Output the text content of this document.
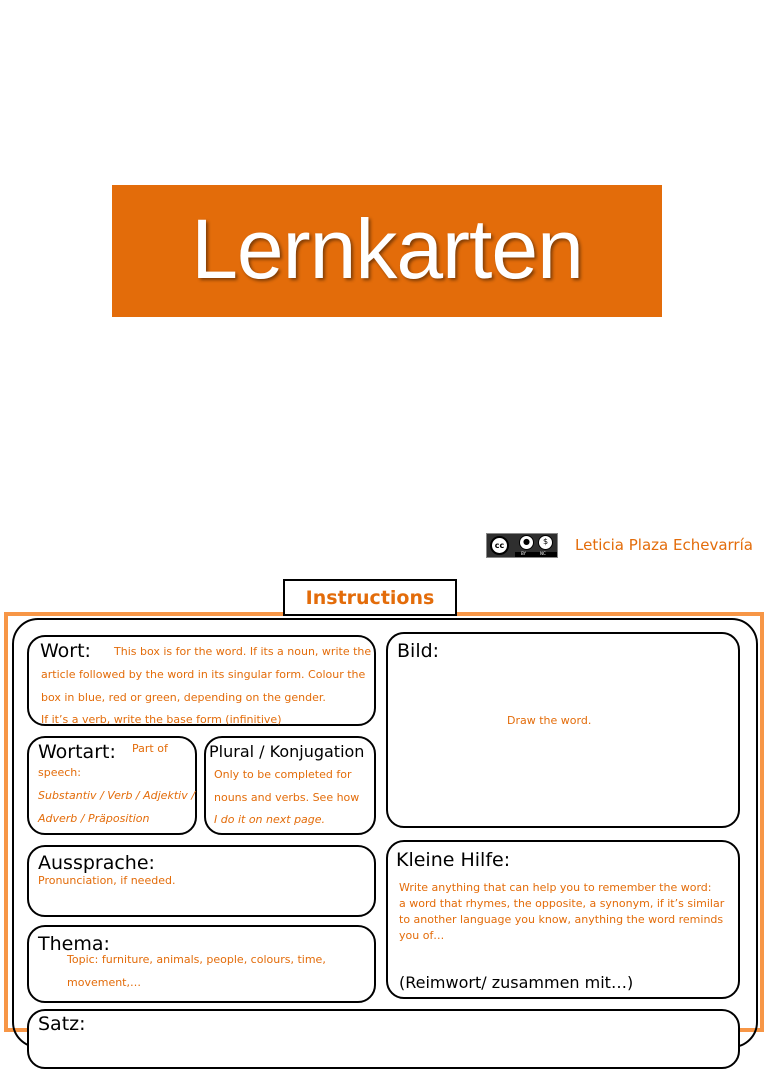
Lernkarten
cc	●	$
BY	NC Leticia Plaza Echevarría
Instructions
Wort: This box is for the word. If its a noun, write the
article followed by the word in its singular form. Colour the
box in blue, red or green, depending on the gender.
If it’s a verb, write the base form (infinitive)
Bild:
Draw the word.
Wortart: Part of
speech:
Substantiv / Verb / Adjektiv /
Adverb / Präposition
Plural / Konjugation
Only to be completed for
nouns and verbs. See how
I do it on next page.
Aussprache:
Pronunciation, if needed.
Kleine Hilfe:
Write anything that can help you to remember the word:
a word that rhymes, the opposite, a synonym, if it’s similar
to another language you know, anything the word reminds
you of…
(Reimwort/ zusammen mit…)
Thema:
Topic: furniture, animals, people, colours, time,
movement,…
Satz:
